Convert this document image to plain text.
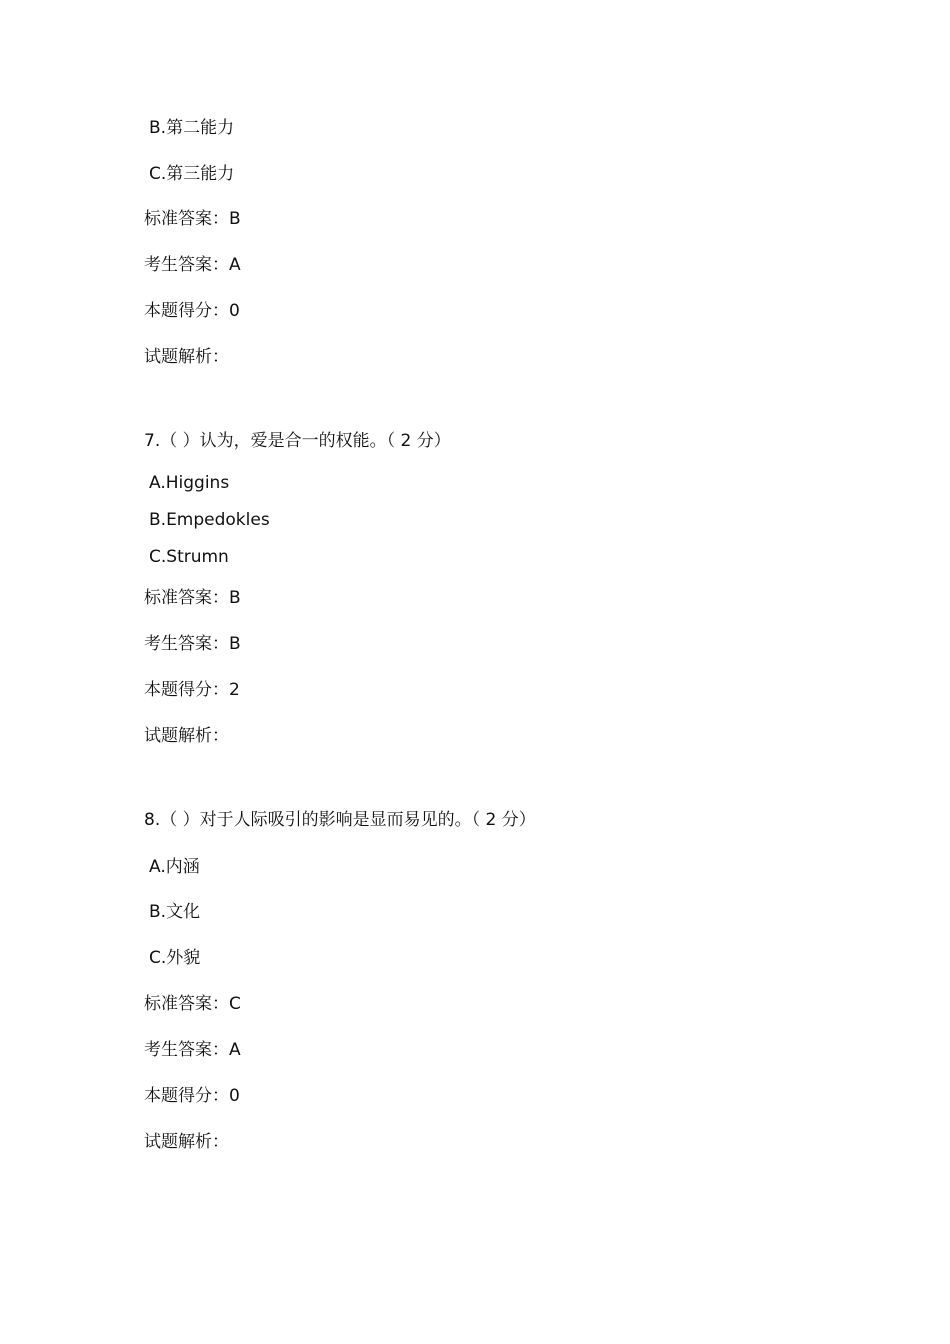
B.第二能力
C.第三能力
标准答案：B
考生答案：A
本题得分：0
试题解析：
7.（ ）认为，爱是合一的权能。（ 2 分）
A.Higgins
B.Empedokles
C.Strumn
标准答案：B
考生答案：B
本题得分：2
试题解析：
8.（ ）对于人际吸引的影响是显而易见的。（ 2 分）
A.内涵
B.文化
C.外貌
标准答案：C
考生答案：A
本题得分：0
试题解析：
